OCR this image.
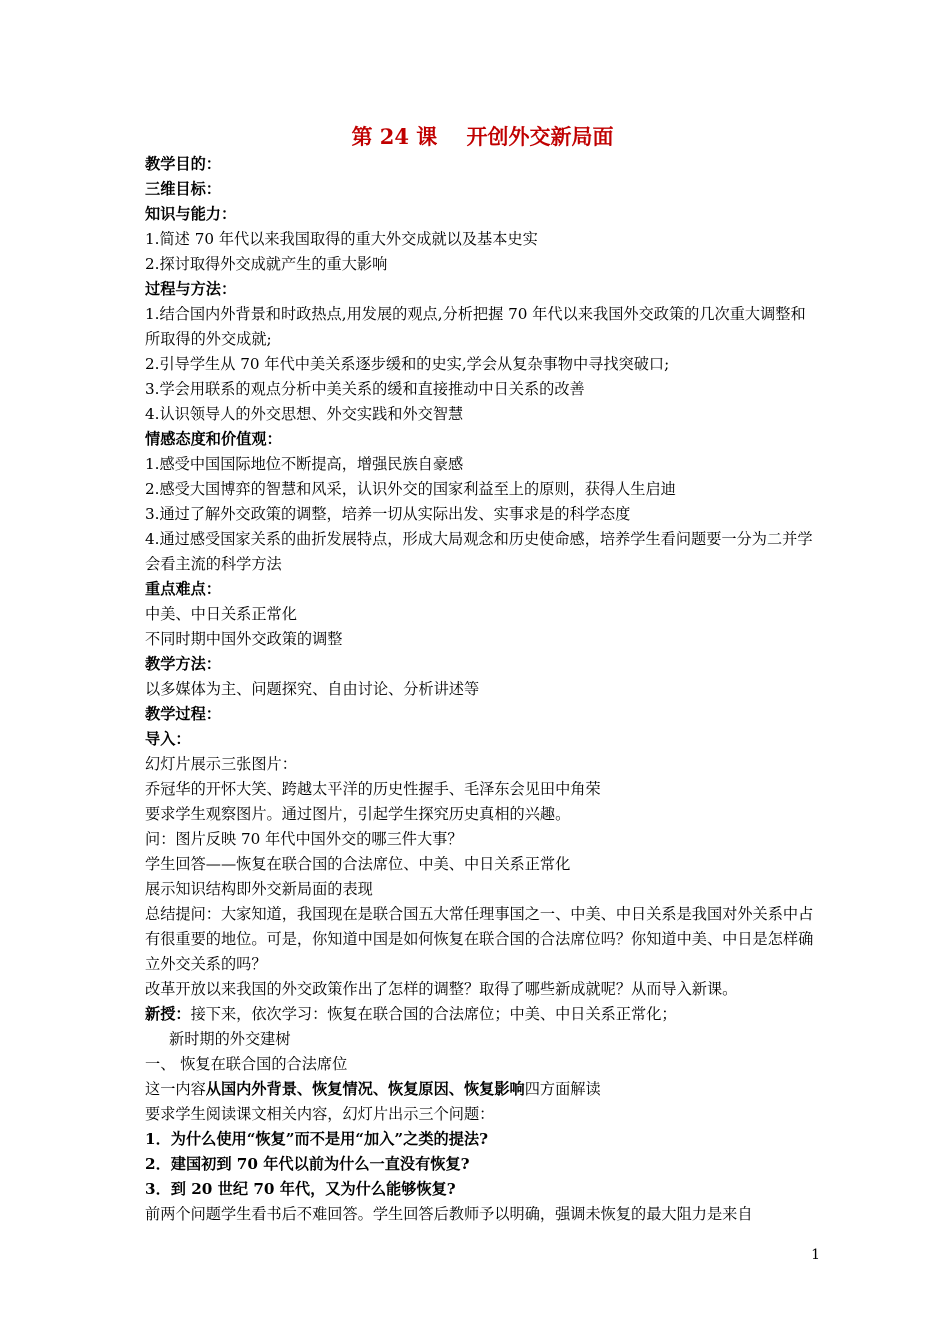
第 24 课    开创外交新局面
教学目的：
三维目标：
知识与能力：
1.简述 70 年代以来我国取得的重大外交成就以及基本史实
2.探讨取得外交成就产生的重大影响
过程与方法：
1.结合国内外背景和时政热点,用发展的观点,分析把握 70 年代以来我国外交政策的几次重大调整和所取得的外交成就;
2.引导学生从 70 年代中美关系逐步缓和的史实,学会从复杂事物中寻找突破口;
3.学会用联系的观点分析中美关系的缓和直接推动中日关系的改善
4.认识领导人的外交思想、外交实践和外交智慧
情感态度和价值观：
1.感受中国国际地位不断提高，增强民族自豪感
2.感受大国博弈的智慧和风采，认识外交的国家利益至上的原则，获得人生启迪
3.通过了解外交政策的调整，培养一切从实际出发、实事求是的科学态度
4.通过感受国家关系的曲折发展特点，形成大局观念和历史使命感，培养学生看问题要一分为二并学会看主流的科学方法
重点难点：
中美、中日关系正常化
不同时期中国外交政策的调整
教学方法：
以多媒体为主、问题探究、自由讨论、分析讲述等
教学过程：
导入：
幻灯片展示三张图片：
乔冠华的开怀大笑、跨越太平洋的历史性握手、毛泽东会见田中角荣
要求学生观察图片。通过图片，引起学生探究历史真相的兴趣。
问：图片反映 70 年代中国外交的哪三件大事？
学生回答——恢复在联合国的合法席位、中美、中日关系正常化
展示知识结构即外交新局面的表现
总结提问：大家知道，我国现在是联合国五大常任理事国之一、中美、中日关系是我国对外关系中占有很重要的地位。可是，你知道中国是如何恢复在联合国的合法席位吗？你知道中美、中日是怎样确立外交关系的吗？
改革开放以来我国的外交政策作出了怎样的调整？取得了哪些新成就呢？从而导入新课。
新授：接下来，依次学习：恢复在联合国的合法席位；中美、中日关系正常化；
新时期的外交建树
一、 恢复在联合国的合法席位
这一内容从国内外背景、恢复情况、恢复原因、恢复影响四方面解读
要求学生阅读课文相关内容，幻灯片出示三个问题：
1．为什么使用“恢复”而不是用“加入”之类的提法?
2．建国初到 70 年代以前为什么一直没有恢复?
3．到 20 世纪 70 年代，又为什么能够恢复?
前两个问题学生看书后不难回答。学生回答后教师予以明确，强调未恢复的最大阻力是来自
1
